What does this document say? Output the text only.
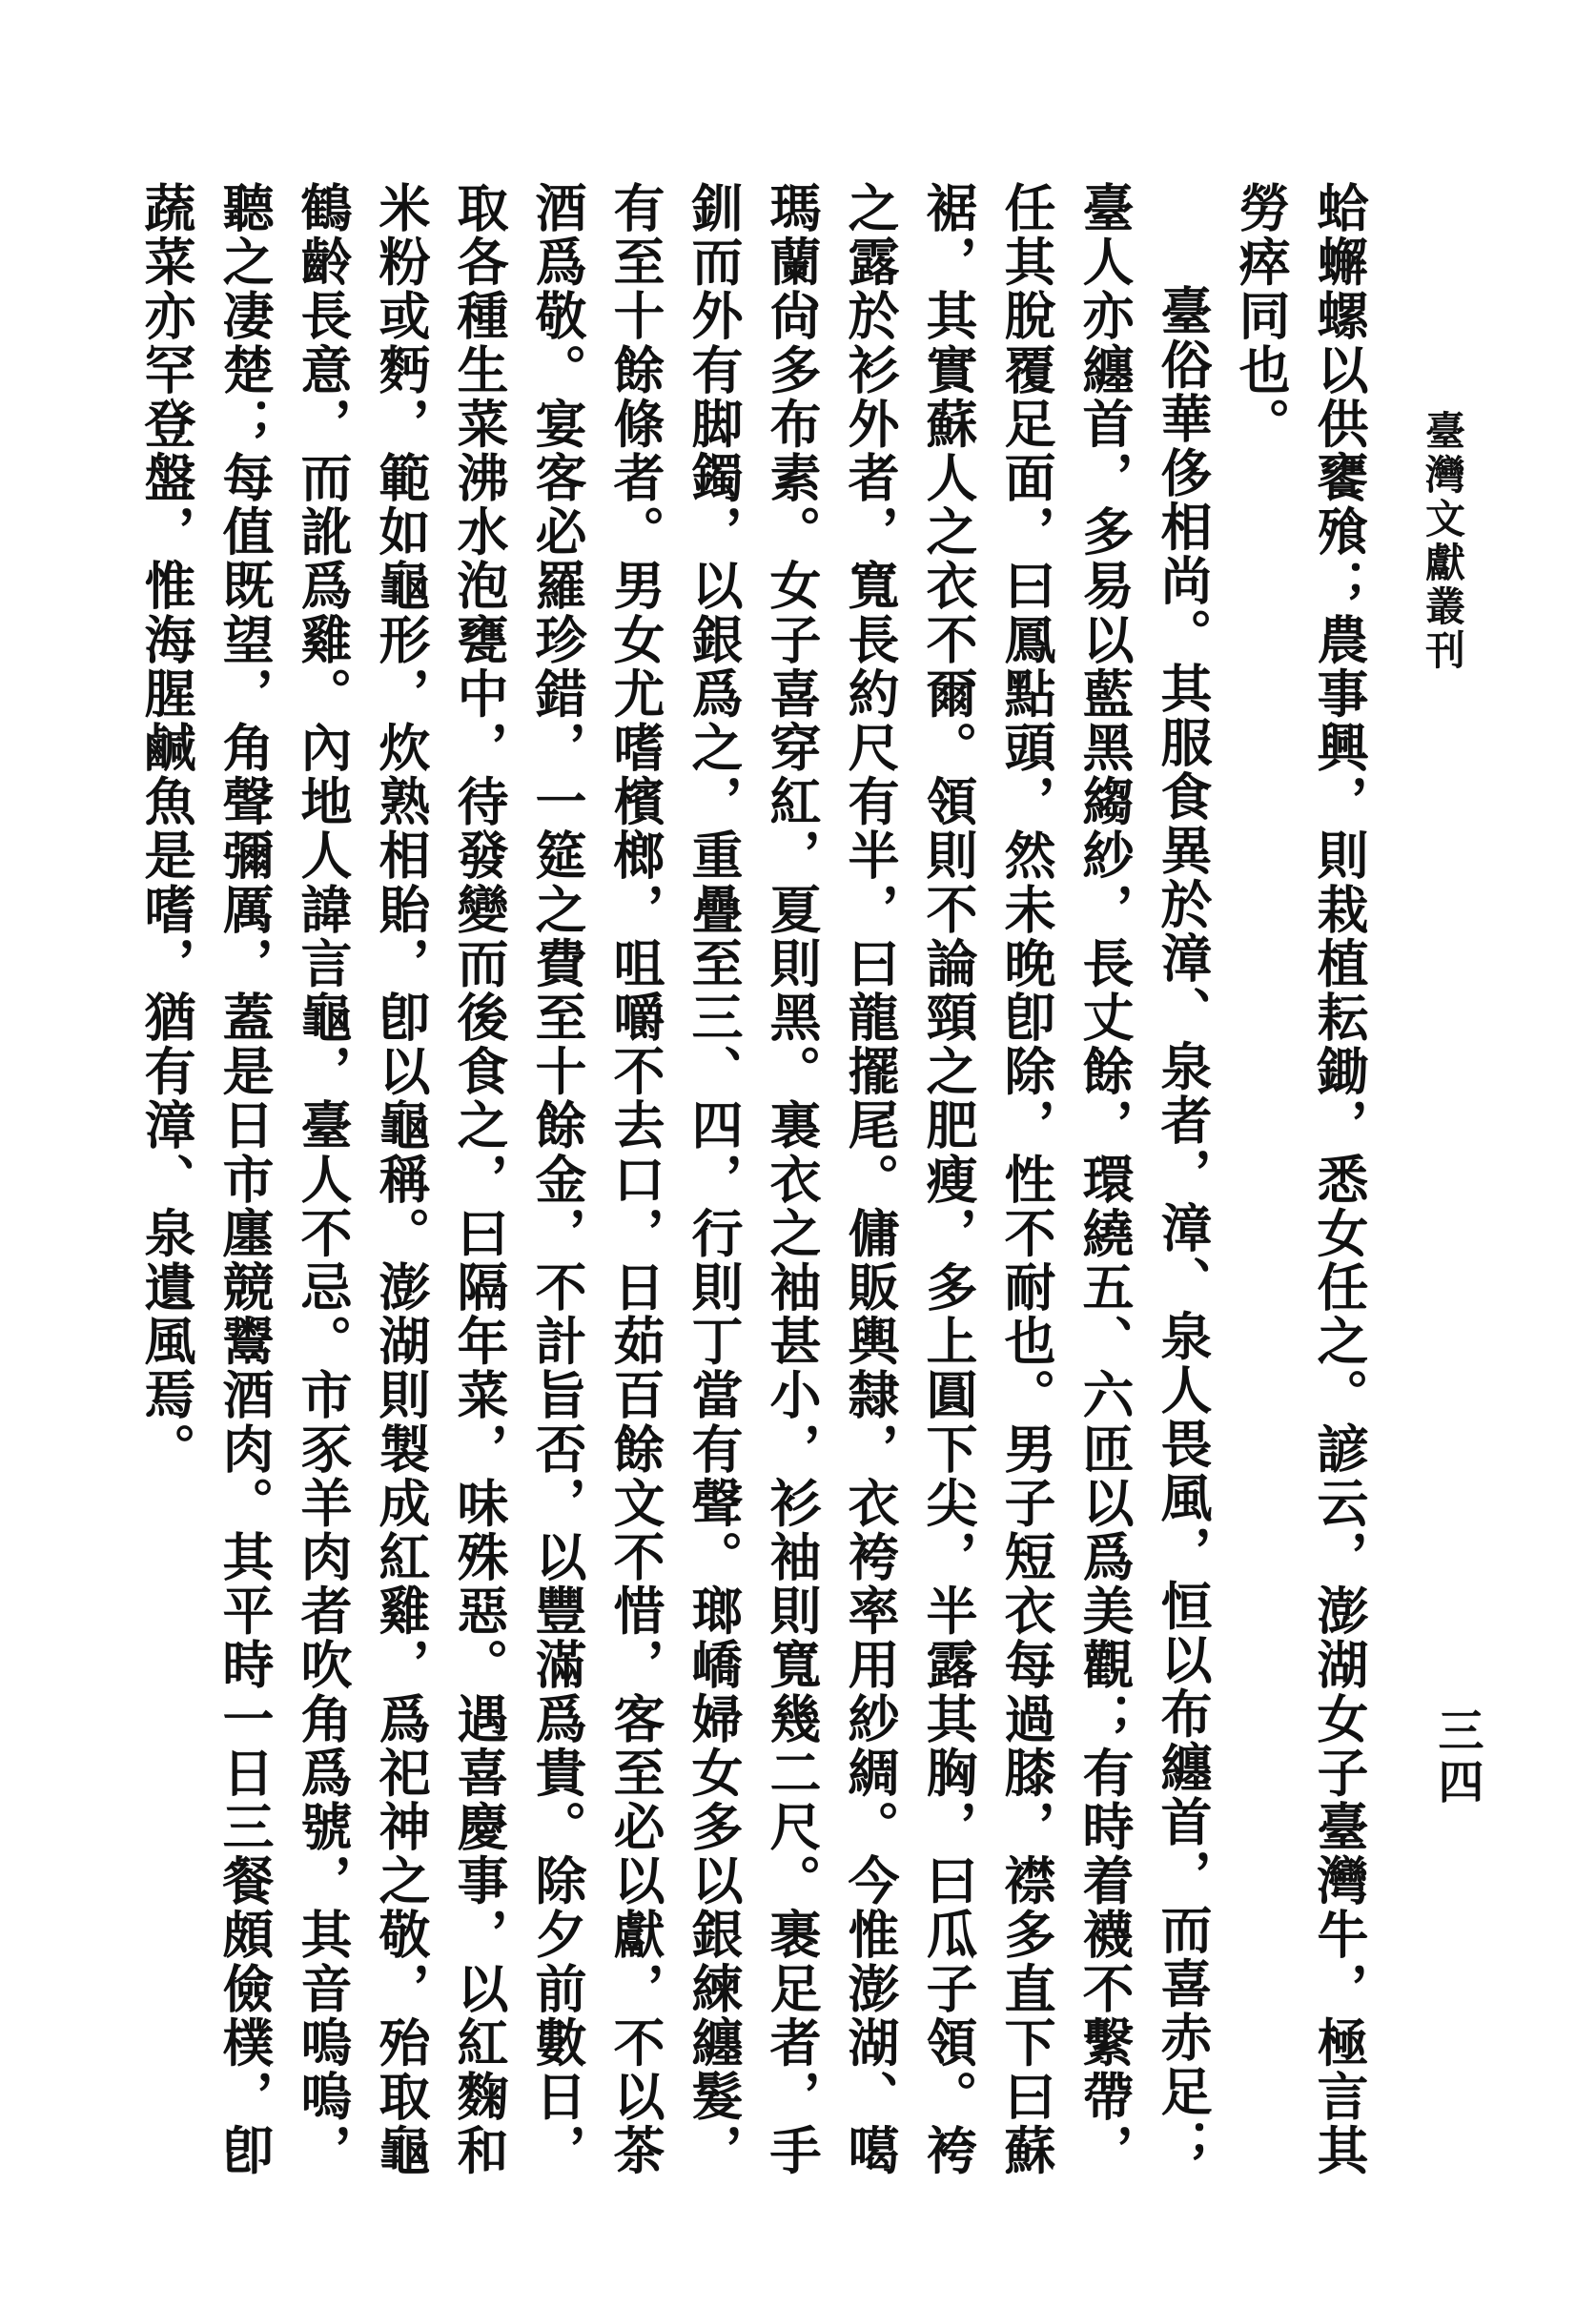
臺灣文獻叢刊
三四

蛤蠏螺以供饔飱；農事興，則栽植耘鋤，悉女任之。諺云，澎湖女子臺灣牛，極言其勞瘁同也。

臺俗華侈相尚。其服食異於漳、泉者，漳、泉人畏風，恒以布纏首，而喜赤足；臺人亦纏首，多易以藍黑縐紗，長丈餘，環繞五、六匝以爲美觀；有時着襪不繫帶，任其脫覆足面，曰鳳點頭，然未晚卽除，性不耐也。男子短衣每過膝，襟多直下曰蘇裾，其實蘇人之衣不爾。領則不論頸之肥瘦，多上圓下尖，半露其胸，曰瓜子領。袴之露於衫外者，寬長約尺有半，曰龍擺尾。傭販輿隸，衣袴率用紗綢。今惟澎湖、噶瑪蘭尙多布素。女子喜穿紅，夏則黑。裏衣之袖甚小，衫袖則寬幾二尺。裹足者，手釧而外有脚鐲，以銀爲之，重疊至三、四，行則丁當有聲。瑯嶠婦女多以銀練纏髮，有至十餘條者。男女尤嗜檳榔，咀嚼不去口，日茹百餘文不惜，客至必以獻，不以茶酒爲敬。宴客必羅珍錯，一筵之費至十餘金，不計旨否，以豐滿爲貴。除夕前數日，取各種生菜沸水泡甕中，待發變而後食之，曰隔年菜，味殊惡。遇喜慶事，以紅麴和米粉或麪，範如龜形，炊熟相貽，卽以龜稱。澎湖則製成紅雞，爲祀神之敬，殆取龜鶴齡長意，而訛爲雞。內地人諱言龜，臺人不忌。市豕羊肉者吹角爲號，其音嗚嗚，聽之凄楚；每值既望，角聲彌厲，蓋是日市廛競鬻酒肉。其平時一日三餐頗儉樸，卽蔬菜亦罕登盤，惟海腥鹹魚是嗜，猶有漳、泉遺風焉。
